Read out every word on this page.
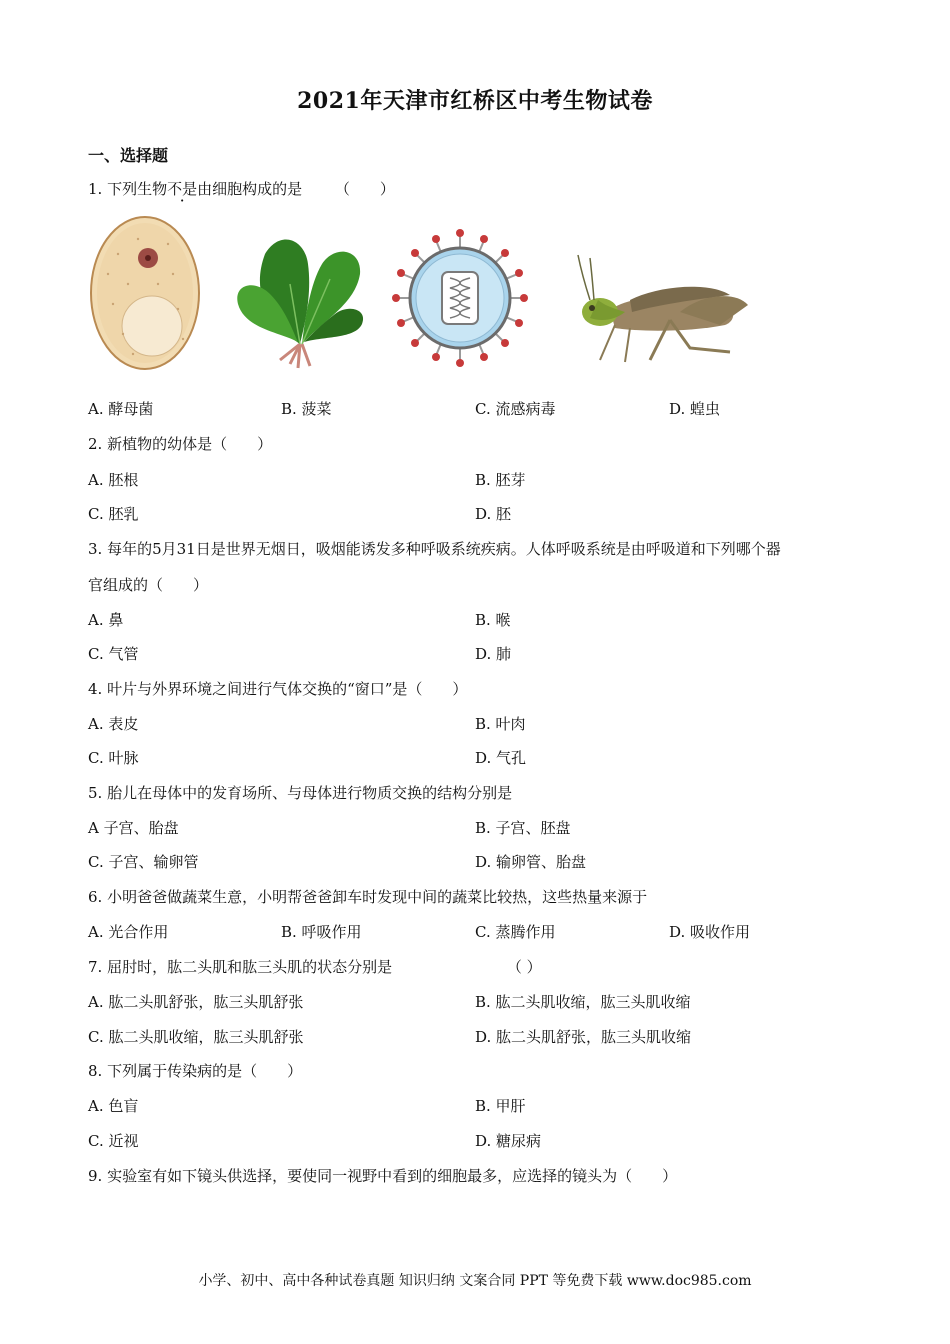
2021年天津市红桥区中考生物试卷
一、选择题
1. 下列生物不是由细胞构成的是 （　　）
A. 酵母菌	B. 菠菜	C. 流感病毒	D. 蝗虫
2. 新植物的幼体是（　　）
A. 胚根	B. 胚芽
C. 胚乳	D. 胚
3. 每年的5月31日是世界无烟日，吸烟能诱发多种呼吸系统疾病。人体呼吸系统是由呼吸道和下列哪个器
官组成的（　　）
A. 鼻	B. 喉
C. 气管	D. 肺
4. 叶片与外界环境之间进行气体交换的“窗口”是（　　）
A. 表皮	B. 叶肉
C. 叶脉	D. 气孔
5. 胎儿在母体中的发育场所、与母体进行物质交换的结构分别是
A 子宫、胎盘	B. 子宫、胚盘
C. 子宫、输卵管	D. 输卵管、胎盘
6. 小明爸爸做蔬菜生意，小明帮爸爸卸车时发现中间的蔬菜比较热，这些热量来源于
A. 光合作用	B. 呼吸作用	C. 蒸腾作用	D. 吸收作用
7. 屈肘时，肱二头肌和肱三头肌的状态分别是	（ ）
A. 肱二头肌舒张，肱三头肌舒张	B. 肱二头肌收缩，肱三头肌收缩
C. 肱二头肌收缩，肱三头肌舒张	D. 肱二头肌舒张，肱三头肌收缩
8. 下列属于传染病的是（　　）
A. 色盲	B. 甲肝
C. 近视	D. 糖尿病
9. 实验室有如下镜头供选择，要使同一视野中看到的细胞最多，应选择的镜头为（　　）
小学、初中、高中各种试卷真题 知识归纳 文案合同 PPT 等免费下载 www.doc985.com
